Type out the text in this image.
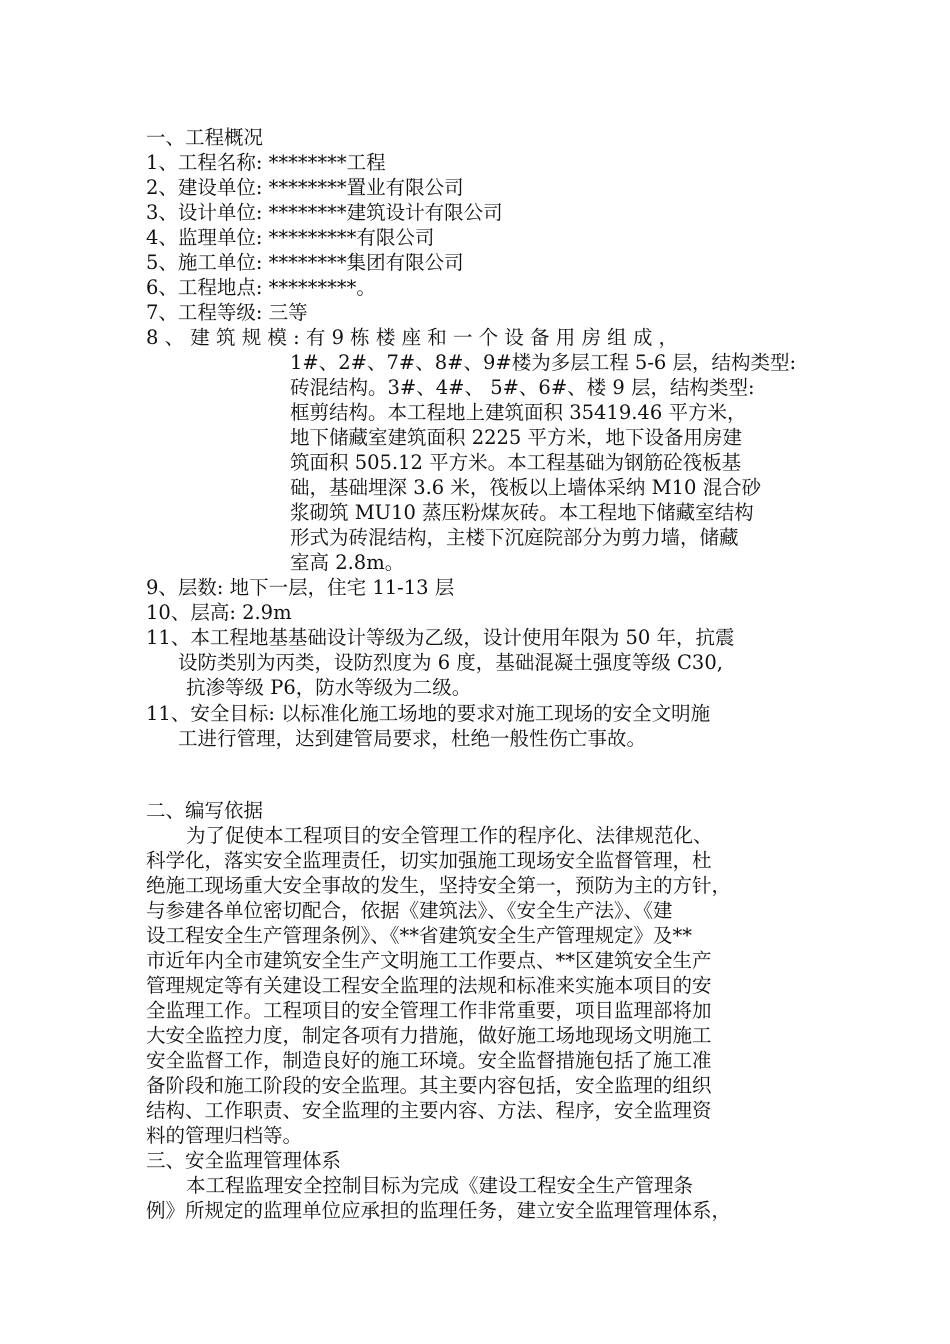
一、工程概况
1、工程名称: ********工程
2、建设单位: ********置业有限公司
3、设计单位: ********建筑设计有限公司
4、监理单位: *********有限公司
5、施工单位: ********集团有限公司
6、工程地点: *********。
7、工程等级: 三等
8 、 建 筑 规 模 : 有 9 栋 楼 座 和 一 个 设 备 用 房 组 成 ，
1#、2#、7#、8#、9#楼为多层工程 5-6 层，结构类型:
砖混结构。3#、4#、 5#、6#、楼 9 层，结构类型:
框剪结构。本工程地上建筑面积 35419.46 平方米，
地下储藏室建筑面积 2225 平方米，地下设备用房建
筑面积 505.12 平方米。本工程基础为钢筋砼筏板基
础，基础埋深 3.6 米，筏板以上墙体采纳 M10 混合砂
浆砌筑 MU10 蒸压粉煤灰砖。本工程地下储藏室结构
形式为砖混结构，主楼下沉庭院部分为剪力墙，储藏
室高 2.8m。
9、层数: 地下一层，住宅 11-13 层
10、层高: 2.9m
11、本工程地基基础设计等级为乙级，设计使用年限为 50 年，抗震
设防类别为丙类，设防烈度为 6 度，基础混凝土强度等级 C30,
抗渗等级 P6，防水等级为二级。
11、安全目标: 以标准化施工场地的要求对施工现场的安全文明施
工进行管理，达到建管局要求，杜绝一般性伤亡事故。
二、编写依据
为了促使本工程项目的安全管理工作的程序化、法律规范化、
科学化，落实安全监理责任，切实加强施工现场安全监督管理，杜
绝施工现场重大安全事故的发生，坚持安全第一，预防为主的方针，
与参建各单位密切配合，依据《建筑法》、《安全生产法》、《建
设工程安全生产管理条例》、《**省建筑安全生产管理规定》及**
市近年内全市建筑安全生产文明施工工作要点、**区建筑安全生产
管理规定等有关建设工程安全监理的法规和标准来实施本项目的安
全监理工作。工程项目的安全管理工作非常重要，项目监理部将加
大安全监控力度，制定各项有力措施，做好施工场地现场文明施工
安全监督工作，制造良好的施工环境。安全监督措施包括了施工准
备阶段和施工阶段的安全监理。其主要内容包括，安全监理的组织
结构、工作职责、安全监理的主要内容、方法、程序，安全监理资
料的管理归档等。
三、安全监理管理体系
本工程监理安全控制目标为完成《建设工程安全生产管理条
例》所规定的监理单位应承担的监理任务，建立安全监理管理体系，
